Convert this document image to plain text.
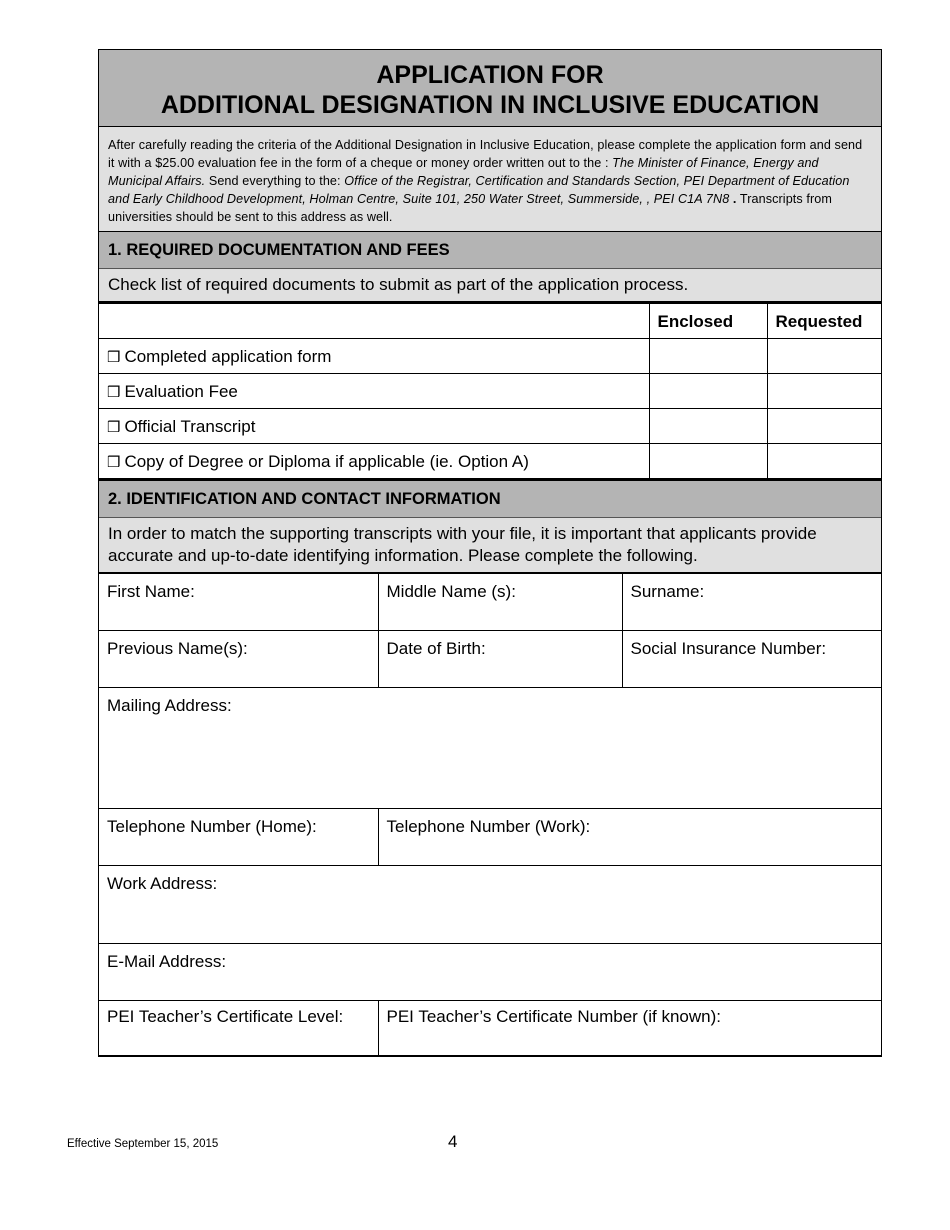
APPLICATION FOR
ADDITIONAL DESIGNATION IN INCLUSIVE EDUCATION
After carefully reading the criteria of the Additional Designation in Inclusive Education, please complete the application form and send it with a $25.00 evaluation fee in the form of a cheque or money order written out to the : The Minister of Finance, Energy and Municipal Affairs. Send everything to the: Office of the Registrar, Certification and Standards Section, PEI Department of Education and Early Childhood Development, Holman Centre, Suite 101, 250 Water Street, Summerside, , PEI C1A 7N8 . Transcripts from universities should be sent to this address as well.
1. REQUIRED DOCUMENTATION AND FEES
Check list of required documents to submit as part of the application process.
	Enclosed	Requested
❒ Completed application form		
❒ Evaluation Fee		
❒ Official Transcript		
❒ Copy of Degree or Diploma if applicable (ie. Option A)		
2. IDENTIFICATION AND CONTACT INFORMATION
In order to match the supporting transcripts with your file, it is important that applicants provide accurate and up-to-date identifying information. Please complete the following.
First Name:	Middle Name (s):	Surname:
Previous Name(s):	Date of Birth:	Social Insurance Number:
Mailing Address:		
Telephone Number (Home):	Telephone Number (Work):	
Work Address:		
E-Mail Address:		
PEI Teacher’s Certificate Level:	PEI Teacher’s Certificate Number (if known):	
Effective September 15, 2015	4
